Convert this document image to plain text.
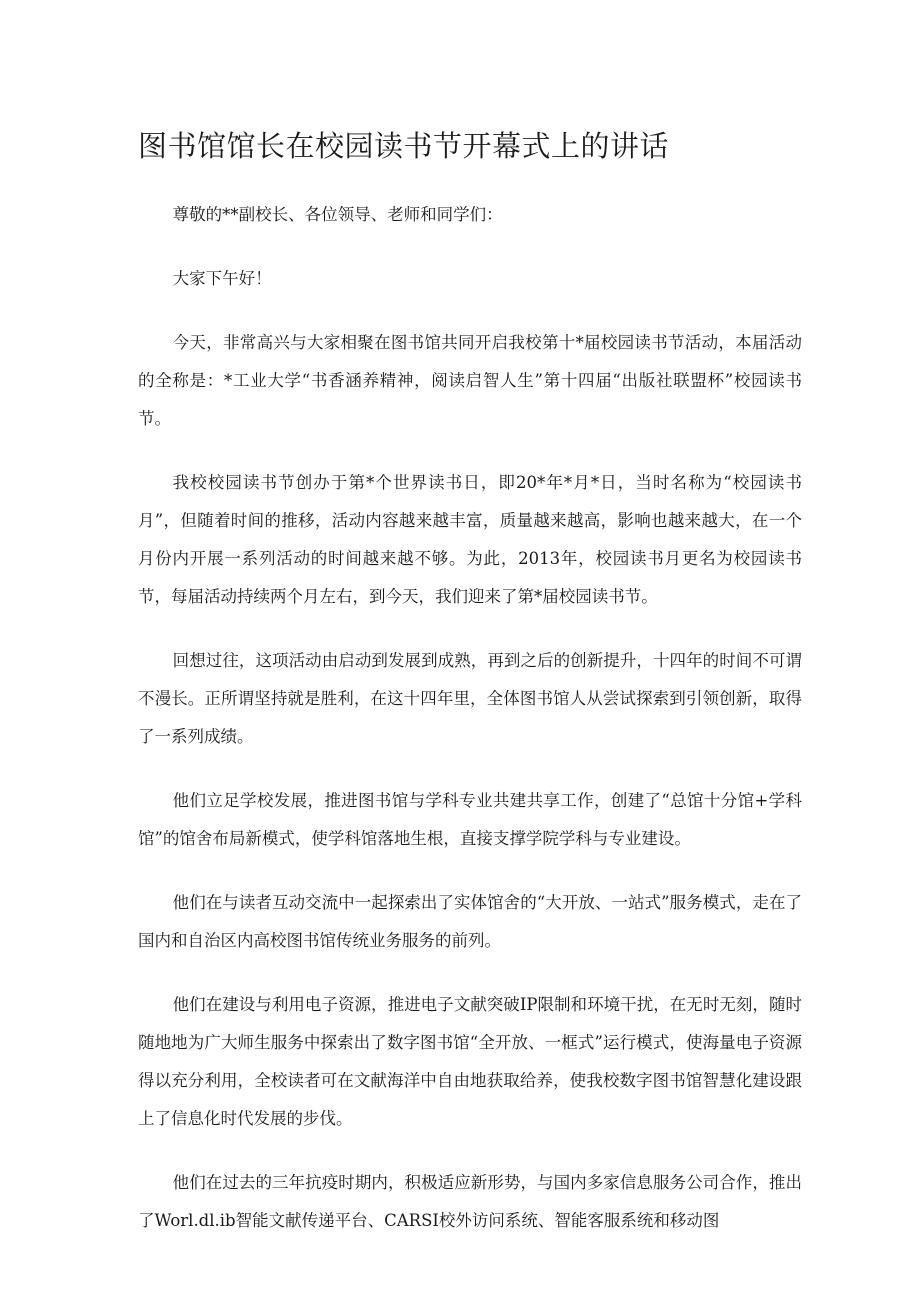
图书馆馆长在校园读书节开幕式上的讲话

尊敬的**副校长、各位领导、老师和同学们：

大家下午好！

今天，非常高兴与大家相聚在图书馆共同开启我校第十*届校园读书节活动，本届活动的全称是：*工业大学“书香涵养精神，阅读启智人生”第十四届“出版社联盟杯”校园读书节。

我校校园读书节创办于第*个世界读书日，即20*年*月*日，当时名称为“校园读书月”，但随着时间的推移，活动内容越来越丰富，质量越来越高，影响也越来越大，在一个月份内开展一系列活动的时间越来越不够。为此，2013年，校园读书月更名为校园读书节，每届活动持续两个月左右，到今天，我们迎来了第*届校园读书节。

回想过往，这项活动由启动到发展到成熟，再到之后的创新提升，十四年的时间不可谓不漫长。正所谓坚持就是胜利，在这十四年里，全体图书馆人从尝试探索到引领创新，取得了一系列成绩。

他们立足学校发展，推进图书馆与学科专业共建共享工作，创建了“总馆十分馆+学科馆”的馆舍布局新模式，使学科馆落地生根，直接支撑学院学科与专业建设。

他们在与读者互动交流中一起探索出了实体馆舍的“大开放、一站式”服务模式，走在了国内和自治区内高校图书馆传统业务服务的前列。

他们在建设与利用电子资源，推进电子文献突破IP限制和环境干扰，在无时无刻，随时随地地为广大师生服务中探索出了数字图书馆“全开放、一框式”运行模式，使海量电子资源得以充分利用，全校读者可在文献海洋中自由地获取给养，使我校数字图书馆智慧化建设跟上了信息化时代发展的步伐。

他们在过去的三年抗疫时期内，积极适应新形势，与国内多家信息服务公司合作，推出了Worl.dl.ib智能文献传递平台、CARSI校外访问系统、智能客服系统和移动图
